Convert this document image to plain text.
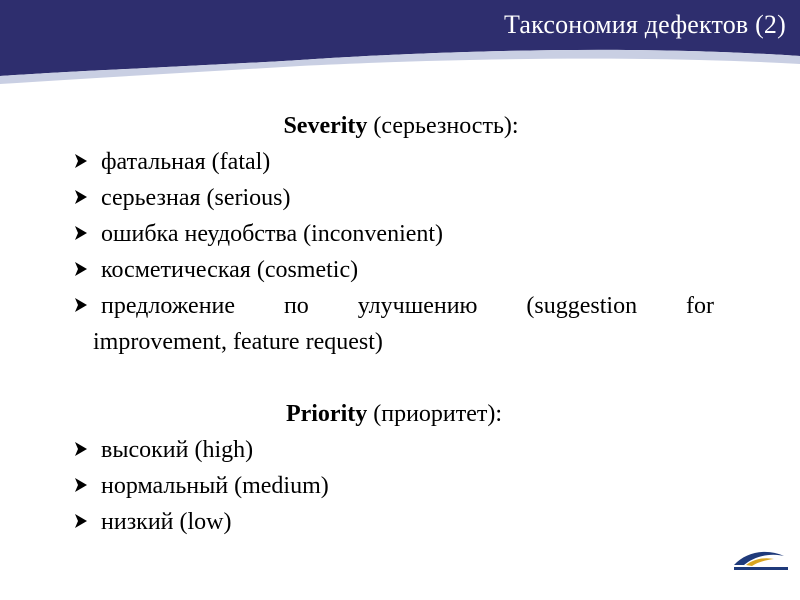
Таксономия дефектов (2)
Severity (серьезность):
фатальная (fatal)
серьезная (serious)
ошибка неудобства (inconvenient)
косметическая (cosmetic)
предложение по улучшению (suggestion for
improvement, feature request)
Priority (приоритет):
высокий (high)
нормальный (medium)
низкий (low)
